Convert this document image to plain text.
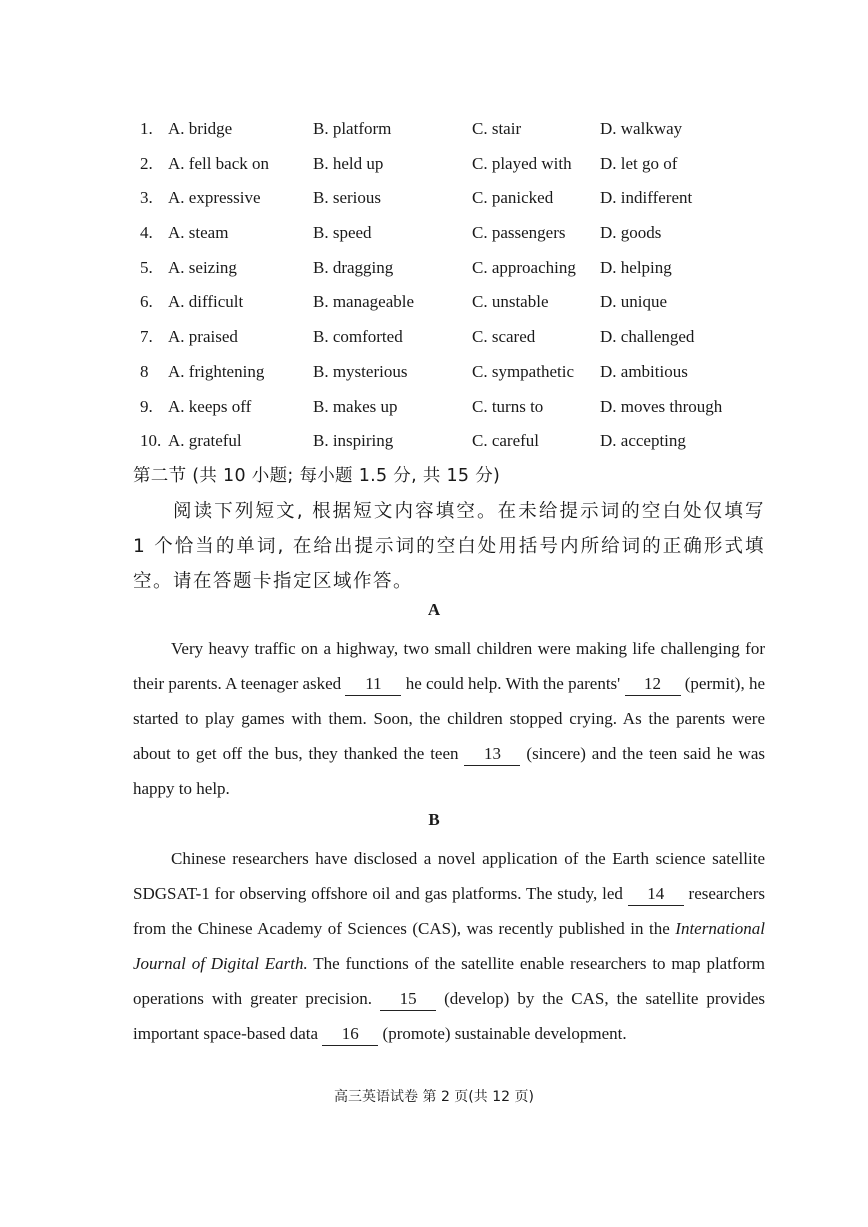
1. A. bridge	B. platform	C. stair	D. walkway
2. A. fell back on	B. held up	C. played with D. let go of
3. A. expressive	B. serious	C. panicked	D. indifferent
4. A. steam	B. speed	C. passengers D. goods
5. A. seizing	B. dragging	C. approaching D. helping
6. A. difficult	B. manageable	C. unstable	D. unique
7. A. praised	B. comforted	C. scared	D. challenged
8 A. frightening	B. mysterious	C. sympathetic D. ambitious
9. A. keeps off	B. makes up	C. turns to	D. moves through
10. A. grateful	B. inspiring	C. careful	D. accepting
第二节 (共 10 小题; 每小题 1.5 分, 共 15 分)
阅读下列短文, 根据短文内容填空。在未给提示词的空白处仅填写 1 个恰当的单词, 在给出提示词的空白处用括号内所给词的正确形式填空。请在答题卡指定区域作答。
A
Very heavy traffic on a highway, two small children were making life challenging for their parents. A teenager asked 11 he could help. With the parents' 12 (permit), he started to play games with them. Soon, the children stopped crying. As the parents were about to get off the bus, they thanked the teen 13 (sincere) and the teen said he was happy to help.
B
Chinese researchers have disclosed a novel application of the Earth science satellite SDGSAT-1 for observing offshore oil and gas platforms. The study, led 14 researchers from the Chinese Academy of Sciences (CAS), was recently published in the International Journal of Digital Earth. The functions of the satellite enable researchers to map platform operations with greater precision. 15 (develop) by the CAS, the satellite provides important space-based data 16 (promote) sustainable development.
高三英语试卷 第 2 页(共 12 页)
